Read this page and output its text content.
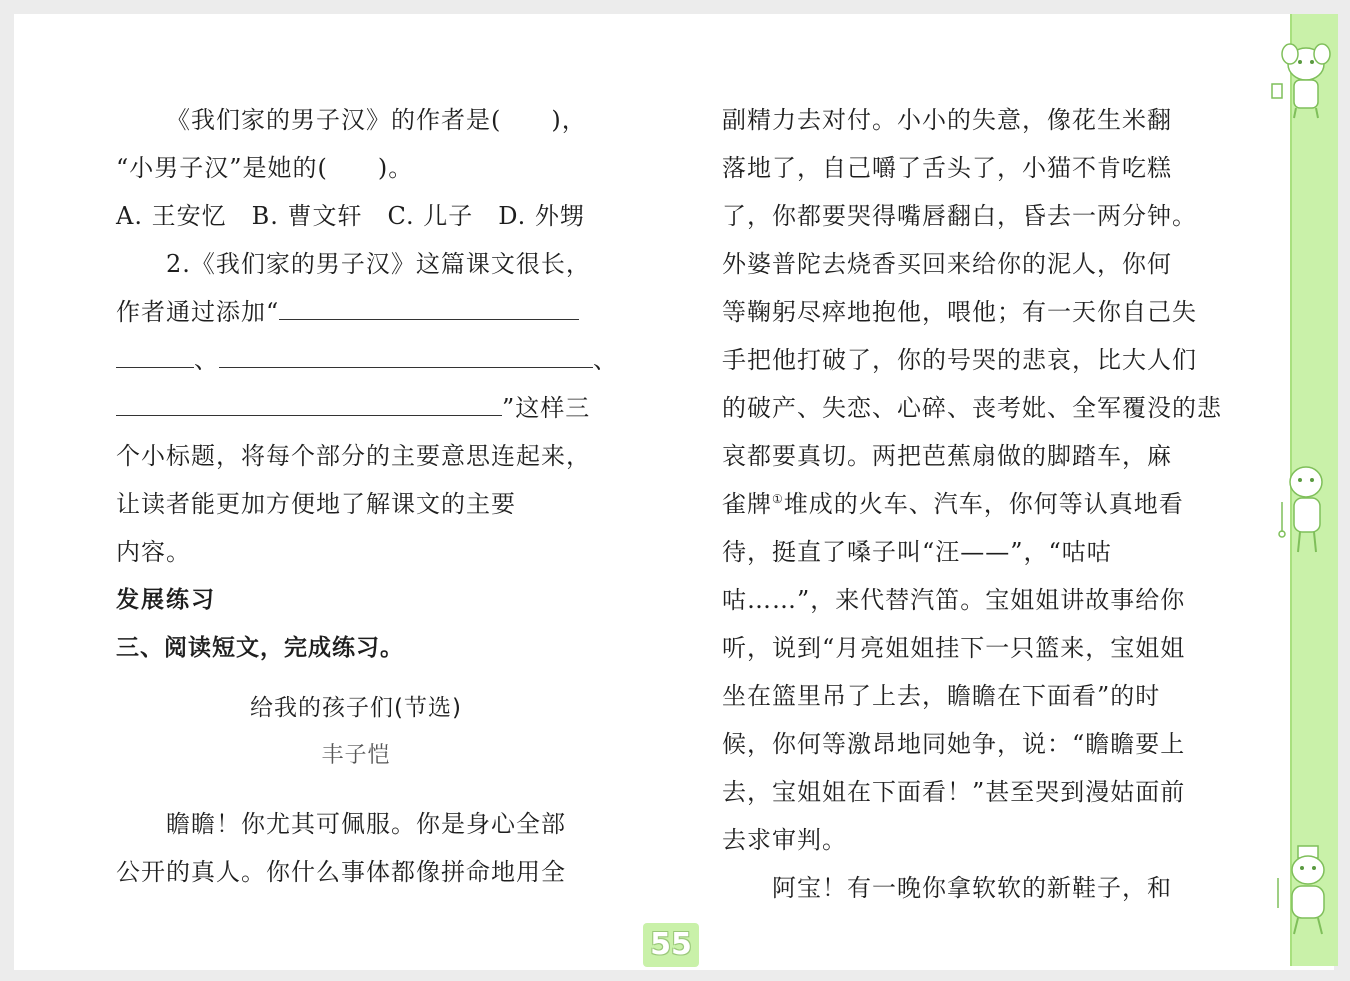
《我们家的男子汉》的作者是(　　)，
“小男子汉”是她的(　　)。
A. 王安忆　B. 曹文轩　C. 儿子　D. 外甥
2.《我们家的男子汉》这篇课文很长，
作者通过添加“
、	、
”这样三
个小标题，将每个部分的主要意思连起来，
让读者能更加方便地了解课文的主要
内容。
发展练习
三、阅读短文，完成练习。
给我的孩子们(节选)
丰子恺
瞻瞻！你尤其可佩服。你是身心全部
公开的真人。你什么事体都像拼命地用全
副精力去对付。小小的失意，像花生米翻
落地了，自己嚼了舌头了，小猫不肯吃糕
了，你都要哭得嘴唇翻白，昏去一两分钟。
外婆普陀去烧香买回来给你的泥人，你何
等鞠躬尽瘁地抱他，喂他；有一天你自己失
手把他打破了，你的号哭的悲哀，比大人们
的破产、失恋、心碎、丧考妣、全军覆没的悲
哀都要真切。两把芭蕉扇做的脚踏车，麻
雀牌①堆成的火车、汽车，你何等认真地看
待，挺直了嗓子叫“汪——”，“咕咕
咕……”，来代替汽笛。宝姐姐讲故事给你
听，说到“月亮姐姐挂下一只篮来，宝姐姐
坐在篮里吊了上去，瞻瞻在下面看”的时
候，你何等激昂地同她争，说：“瞻瞻要上
去，宝姐姐在下面看！”甚至哭到漫姑面前
去求审判。
阿宝！有一晚你拿软软的新鞋子，和
55
